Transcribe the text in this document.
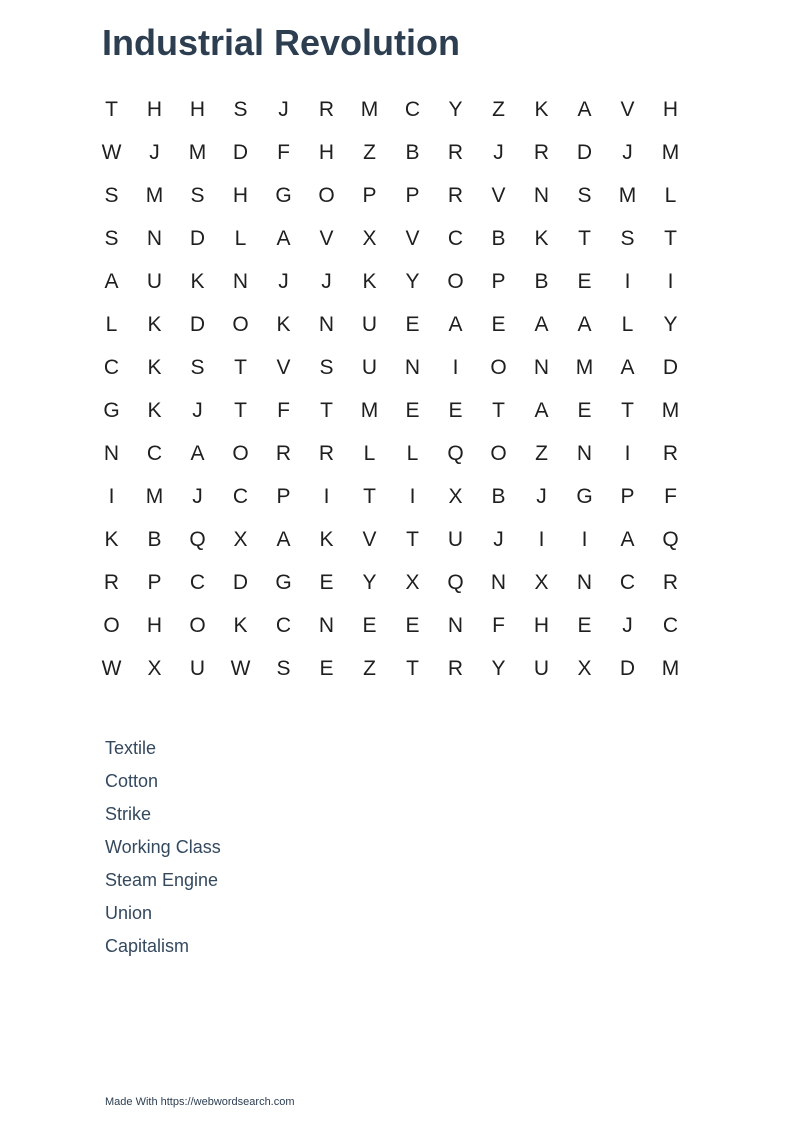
Industrial Revolution
T	H	H	S	J	R	M	C	Y	Z	K	A	V	H
W	J	M	D	F	H	Z	B	R	J	R	D	J	M
S	M	S	H	G	O	P	P	R	V	N	S	M	L
S	N	D	L	A	V	X	V	C	B	K	T	S	T
A	U	K	N	J	J	K	Y	O	P	B	E	I	I
L	K	D	O	K	N	U	E	A	E	A	A	L	Y
C	K	S	T	V	S	U	N	I	O	N	M	A	D
G	K	J	T	F	T	M	E	E	T	A	E	T	M
N	C	A	O	R	R	L	L	Q	O	Z	N	I	R
I	M	J	C	P	I	T	I	X	B	J	G	P	F
K	B	Q	X	A	K	V	T	U	J	I	I	A	Q
R	P	C	D	G	E	Y	X	Q	N	X	N	C	R
O	H	O	K	C	N	E	E	N	F	H	E	J	C
W	X	U	W	S	E	Z	T	R	Y	U	X	D	M
Textile
Cotton
Strike
Working Class
Steam Engine
Union
Capitalism
Made With https://webwordsearch.com
